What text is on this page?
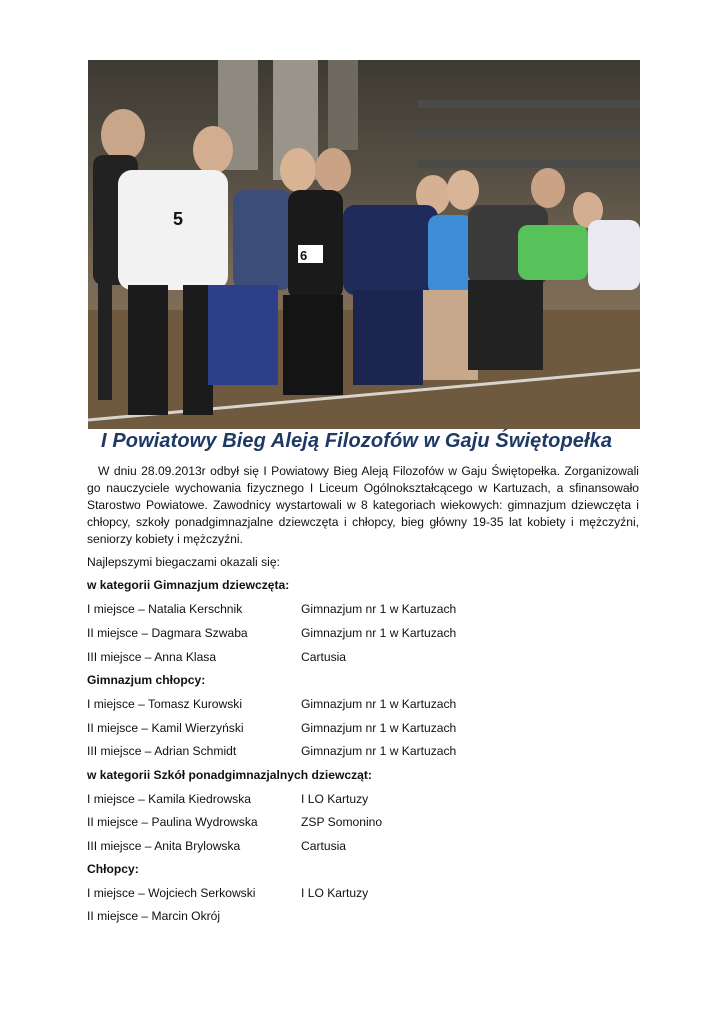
5
6
I Powiatowy Bieg Aleją Filozofów w Gaju Świętopełka
W dniu 28.09.2013r odbył się I Powiatowy Bieg Aleją Filozofów w Gaju Świętopełka. Zorganizowali go nauczyciele wychowania fizycznego I Liceum Ogólnokształcącego w Kartuzach, a sfinansowało Starostwo Powiatowe. Zawodnicy wystartowali w 8 kategoriach wiekowych: gimnazjum dziewczęta i chłopcy, szkoły ponadgimnazjalne dziewczęta i chłopcy, bieg główny 19-35 lat kobiety i mężczyźni, seniorzy kobiety i mężczyźni.
Najlepszymi biegaczami okazali się:
w kategorii Gimnazjum dziewczęta:
I miejsce – Natalia Kerschnik	Gimnazjum nr 1 w Kartuzach
II miejsce – Dagmara Szwaba	Gimnazjum nr 1 w Kartuzach
III miejsce – Anna Klasa	Cartusia
Gimnazjum chłopcy:
I miejsce – Tomasz Kurowski	Gimnazjum nr 1 w Kartuzach
II miejsce – Kamil Wierzyński	Gimnazjum nr 1 w Kartuzach
III miejsce – Adrian Schmidt	Gimnazjum nr 1 w Kartuzach
w kategorii Szkół ponadgimnazjalnych dziewcząt:
I miejsce – Kamila Kiedrowska	I LO Kartuzy
II miejsce – Paulina Wydrowska	ZSP Somonino
III miejsce – Anita Brylowska	Cartusia
Chłopcy:
I miejsce – Wojciech Serkowski	I LO Kartuzy
II miejsce – Marcin Okrój
